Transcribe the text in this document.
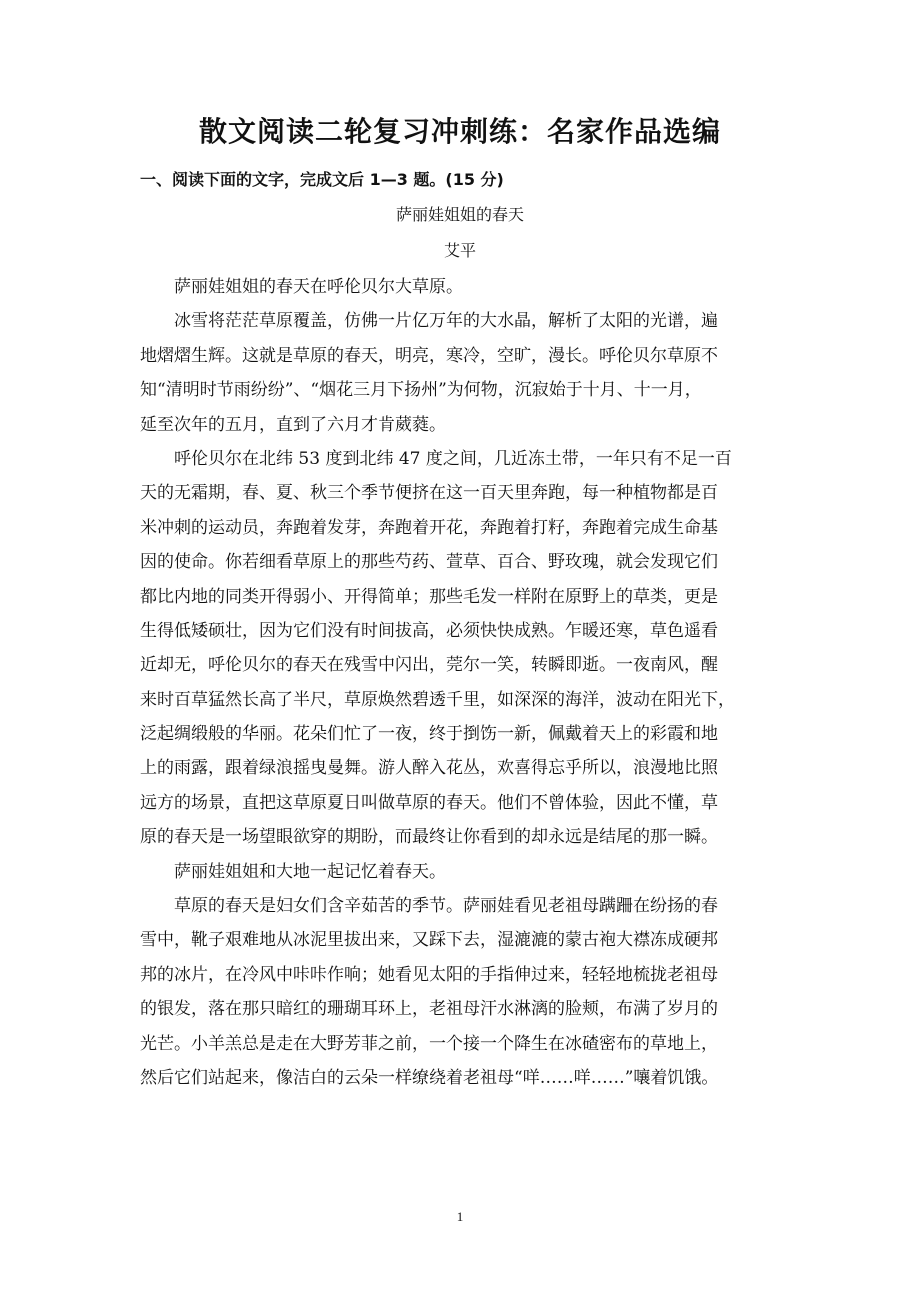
散文阅读二轮复习冲刺练：名家作品选编
一、阅读下面的文字，完成文后 1—3 题。(15 分)
萨丽娃姐姐的春天
艾平

萨丽娃姐姐的春天在呼伦贝尔大草原。

冰雪将茫茫草原覆盖，仿佛一片亿万年的大水晶，解析了太阳的光谱，遍
地熠熠生辉。这就是草原的春天，明亮，寒冷，空旷，漫长。呼伦贝尔草原不
知“清明时节雨纷纷”、“烟花三月下扬州”为何物，沉寂始于十月、十一月，
延至次年的五月，直到了六月才肯葳蕤。

呼伦贝尔在北纬 53 度到北纬 47 度之间，几近冻土带，一年只有不足一百
天的无霜期，春、夏、秋三个季节便挤在这一百天里奔跑，每一种植物都是百
米冲刺的运动员，奔跑着发芽，奔跑着开花，奔跑着打籽，奔跑着完成生命基
因的使命。你若细看草原上的那些芍药、萱草、百合、野玫瑰，就会发现它们
都比内地的同类开得弱小、开得简单；那些毛发一样附在原野上的草类，更是
生得低矮硕壮，因为它们没有时间拔高，必须快快成熟。乍暖还寒，草色遥看
近却无，呼伦贝尔的春天在残雪中闪出，莞尔一笑，转瞬即逝。一夜南风，醒
来时百草猛然长高了半尺，草原焕然碧透千里，如深深的海洋，波动在阳光下，
泛起绸缎般的华丽。花朵们忙了一夜，终于捯饬一新，佩戴着天上的彩霞和地
上的雨露，跟着绿浪摇曳曼舞。游人醉入花丛，欢喜得忘乎所以，浪漫地比照
远方的场景，直把这草原夏日叫做草原的春天。他们不曾体验，因此不懂，草
原的春天是一场望眼欲穿的期盼，而最终让你看到的却永远是结尾的那一瞬。

萨丽娃姐姐和大地一起记忆着春天。

草原的春天是妇女们含辛茹苦的季节。萨丽娃看见老祖母蹒跚在纷扬的春
雪中，靴子艰难地从冰泥里拔出来，又踩下去，湿漉漉的蒙古袍大襟冻成硬邦
邦的冰片，在冷风中咔咔作响；她看见太阳的手指伸过来，轻轻地梳拢老祖母
的银发，落在那只暗红的珊瑚耳环上，老祖母汗水淋漓的脸颊，布满了岁月的
光芒。小羊羔总是走在大野芳菲之前，一个接一个降生在冰碴密布的草地上，
然后它们站起来，像洁白的云朵一样缭绕着老祖母“咩……咩……”嚷着饥饿。

1
